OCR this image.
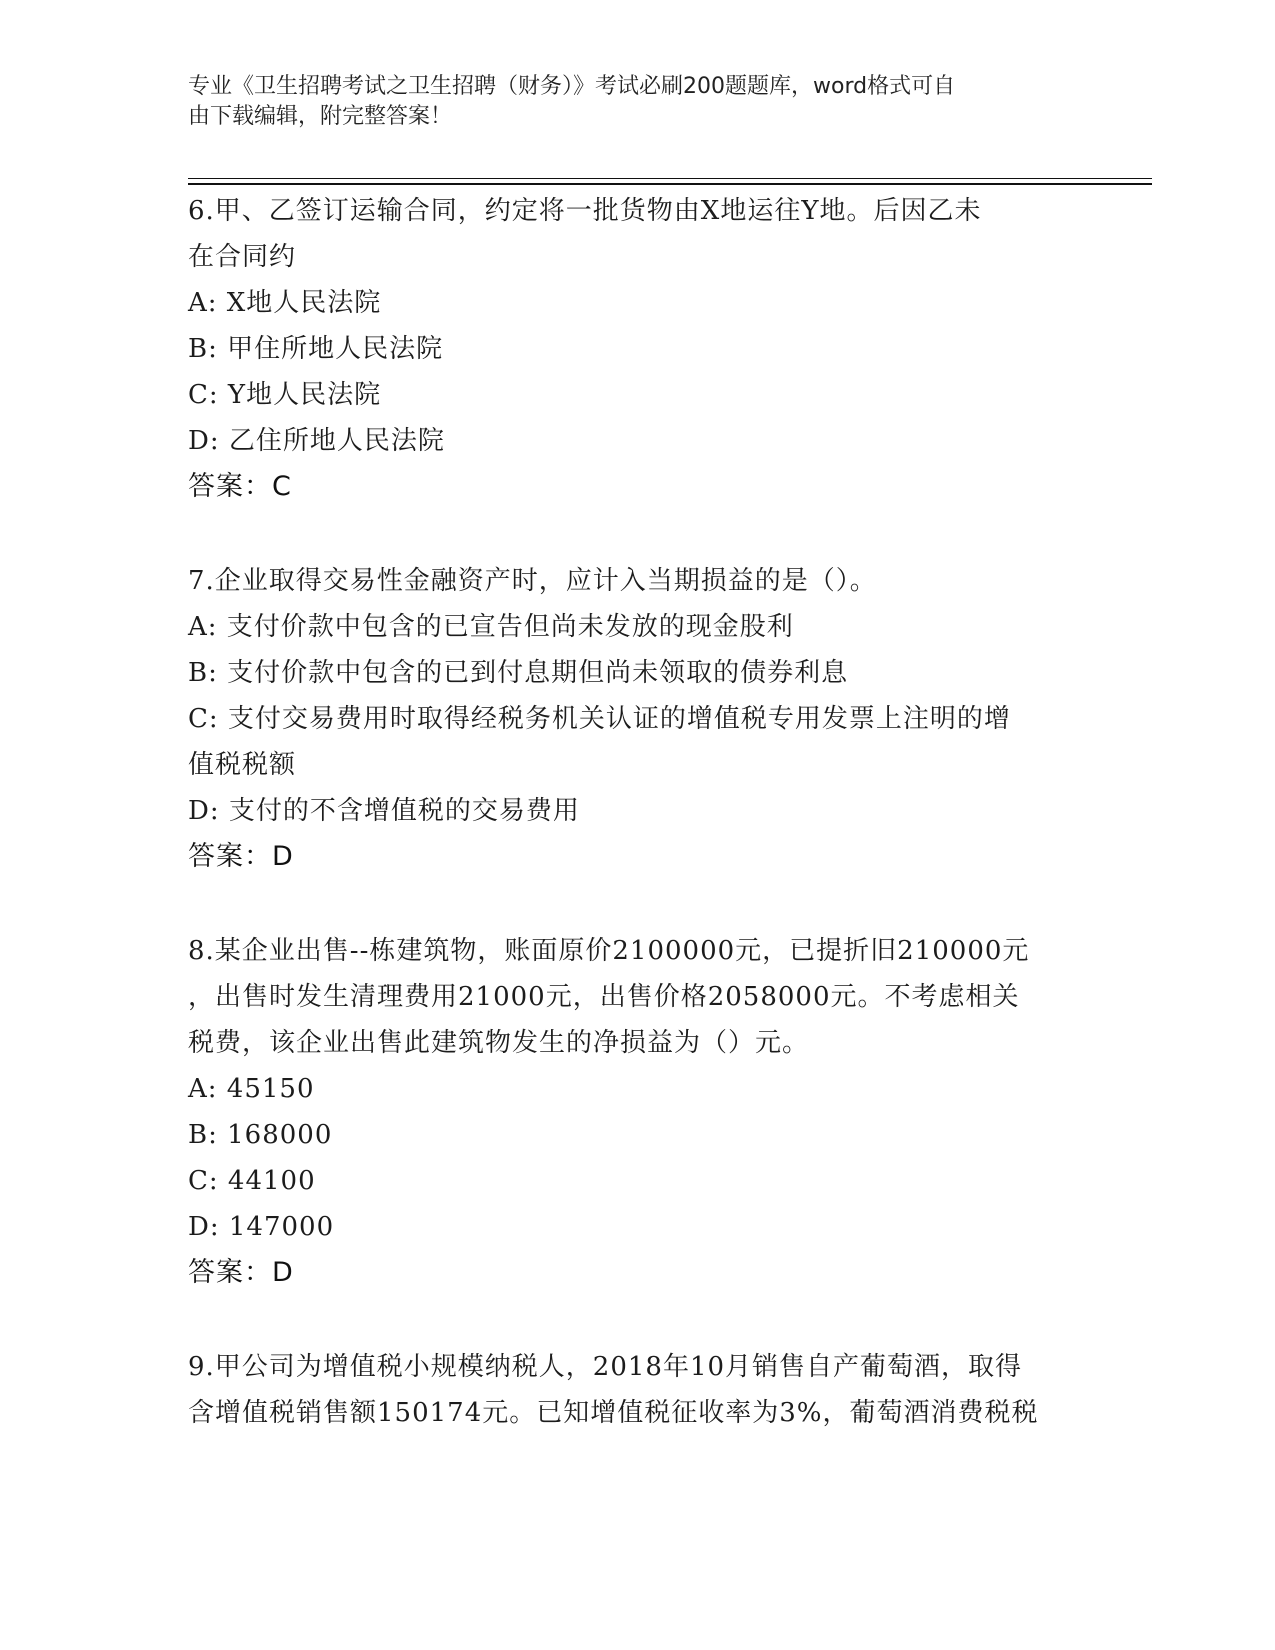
专业《卫生招聘考试之卫生招聘（财务）》考试必刷200题题库，word格式可自
由下载编辑，附完整答案！
6.甲、乙签订运输合同，约定将一批货物由X地运往Y地。后因乙未
在合同约
A: X地人民法院
B: 甲住所地人民法院
C: Y地人民法院
D: 乙住所地人民法院
答案：C
7.企业取得交易性金融资产时，应计入当期损益的是（）。
A: 支付价款中包含的已宣告但尚未发放的现金股利
B: 支付价款中包含的已到付息期但尚未领取的债券利息
C: 支付交易费用时取得经税务机关认证的增值税专用发票上注明的增
值税税额
D: 支付的不含增值税的交易费用
答案：D
8.某企业出售--栋建筑物，账面原价2100000元，已提折旧210000元
，出售时发生清理费用21000元，出售价格2058000元。不考虑相关
税费，该企业出售此建筑物发生的净损益为（）元。
A: 45150
B: 168000
C: 44100
D: 147000
答案：D
9.甲公司为增值税小规模纳税人，2018年10月销售自产葡萄酒，取得
含增值税销售额150174元。已知增值税征收率为3%，葡萄酒消费税税
